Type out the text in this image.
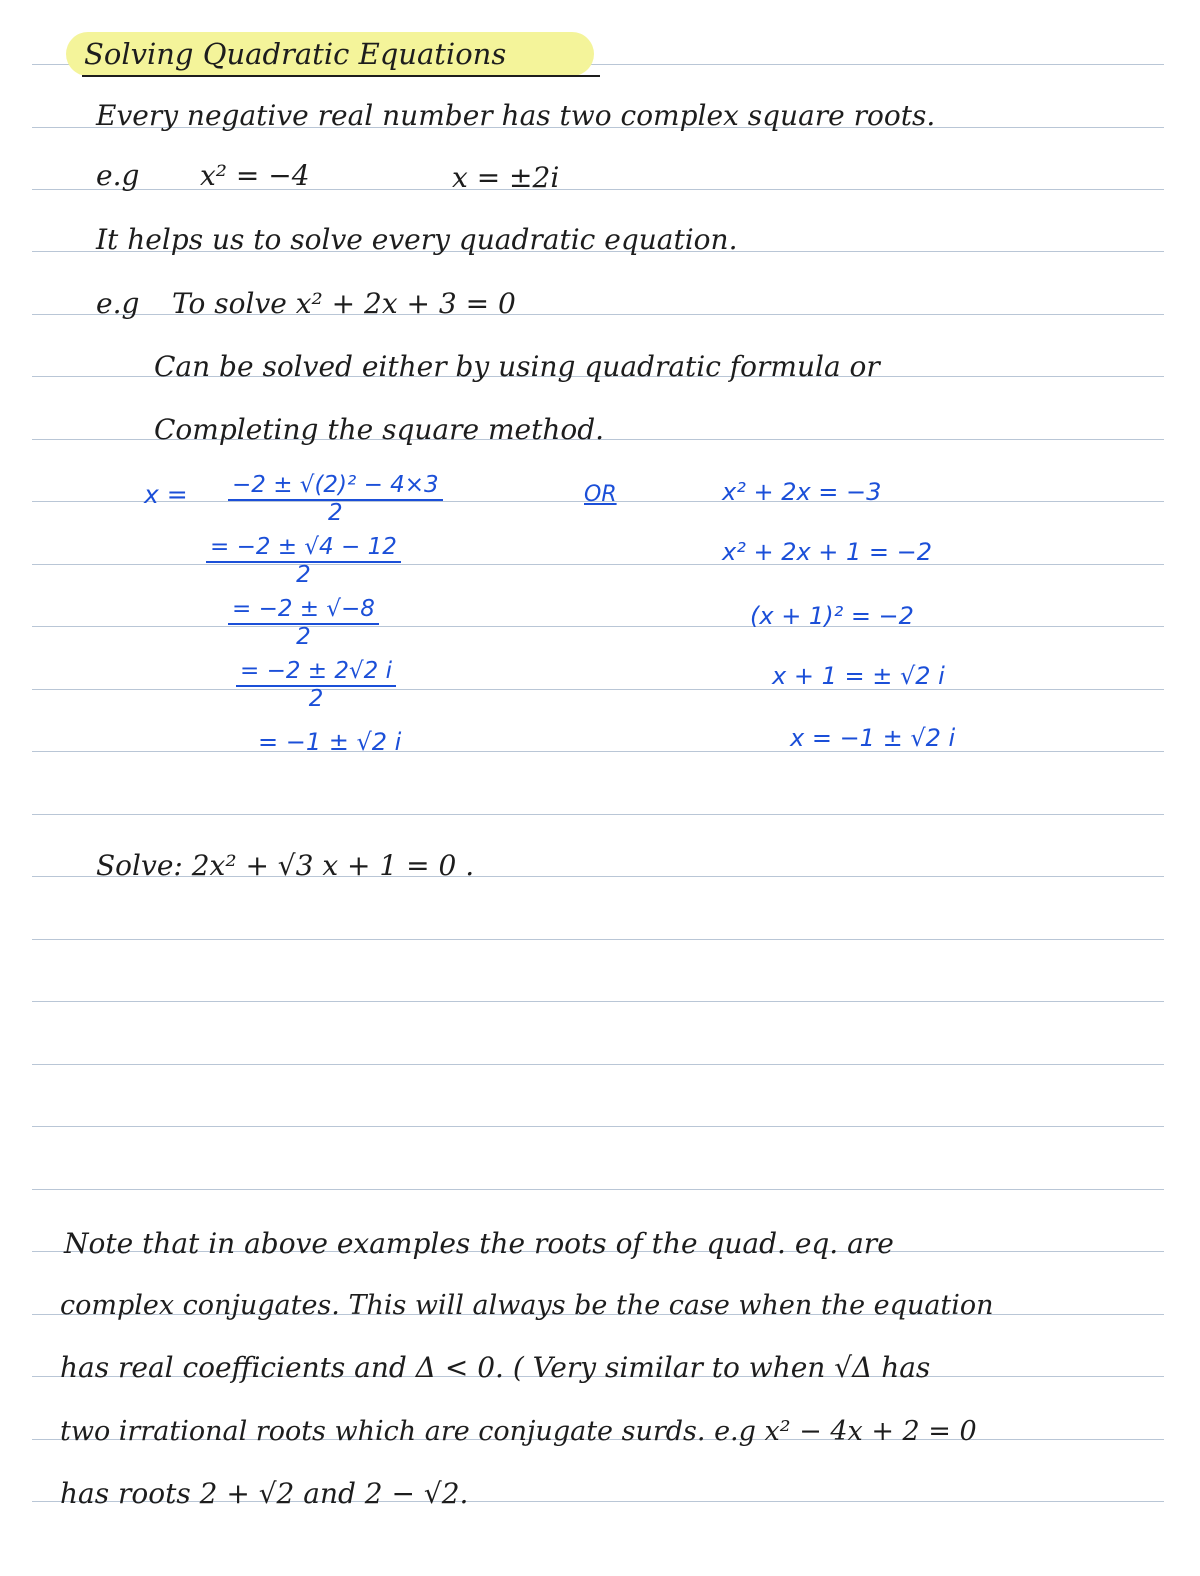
Solving Quadratic Equations
Every negative real number has two complex square roots.
e.g x² = −4	x = ±2i
It helps us to solve every quadratic equation.
e.g To solve x² + 2x + 3 = 0
Can be solved either by using quadratic formula or
Completing the square method.
$x = \frac{\text{−2 ± √(2)² − 4×3}}{2}$
$\frac{= -2 \pm √4 - 12}{2}$
$\frac{= -2 \pm √-8}{2}$
$\frac{= -2 \pm 2√2 i}{2}$
= −1 ± √2 i
OR	x² + 2x = −3
x² + 2x + 1 = −2
(x + 1)² = −2
x + 1 = ± √2 i
x = −1 ± √2 i
Solve: 2x² + √3 x + 1 = 0 .
Note that in above examples the roots of the quad. eq. are
complex conjugates. This will always be the case when the equation
has real coefficients and Δ < 0. ( Very similar to when √Δ has
two irrational roots which are conjugate surds. e.g x² − 4x + 2 = 0
has roots 2 + √2 and 2 − √2.
